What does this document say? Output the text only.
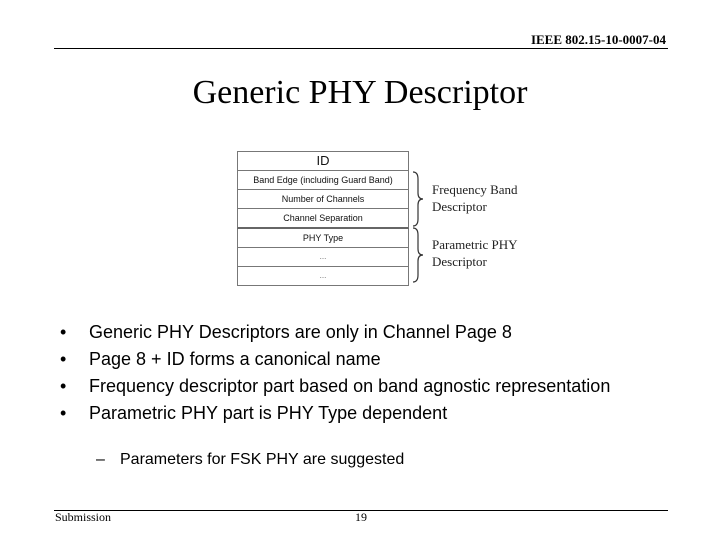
IEEE 802.15-10-0007-04
Generic PHY Descriptor
ID
Band Edge (including Guard Band)
Number of Channels
Channel Separation
PHY Type
...
...
Frequency Band
Descriptor
Parametric PHY
Descriptor
• Generic PHY Descriptors are only in Channel Page 8
• Page 8 + ID forms a canonical name
• Frequency descriptor part based on band agnostic representation
• Parametric PHY part is PHY Type dependent
– Parameters for FSK PHY are suggested
Submission	19
